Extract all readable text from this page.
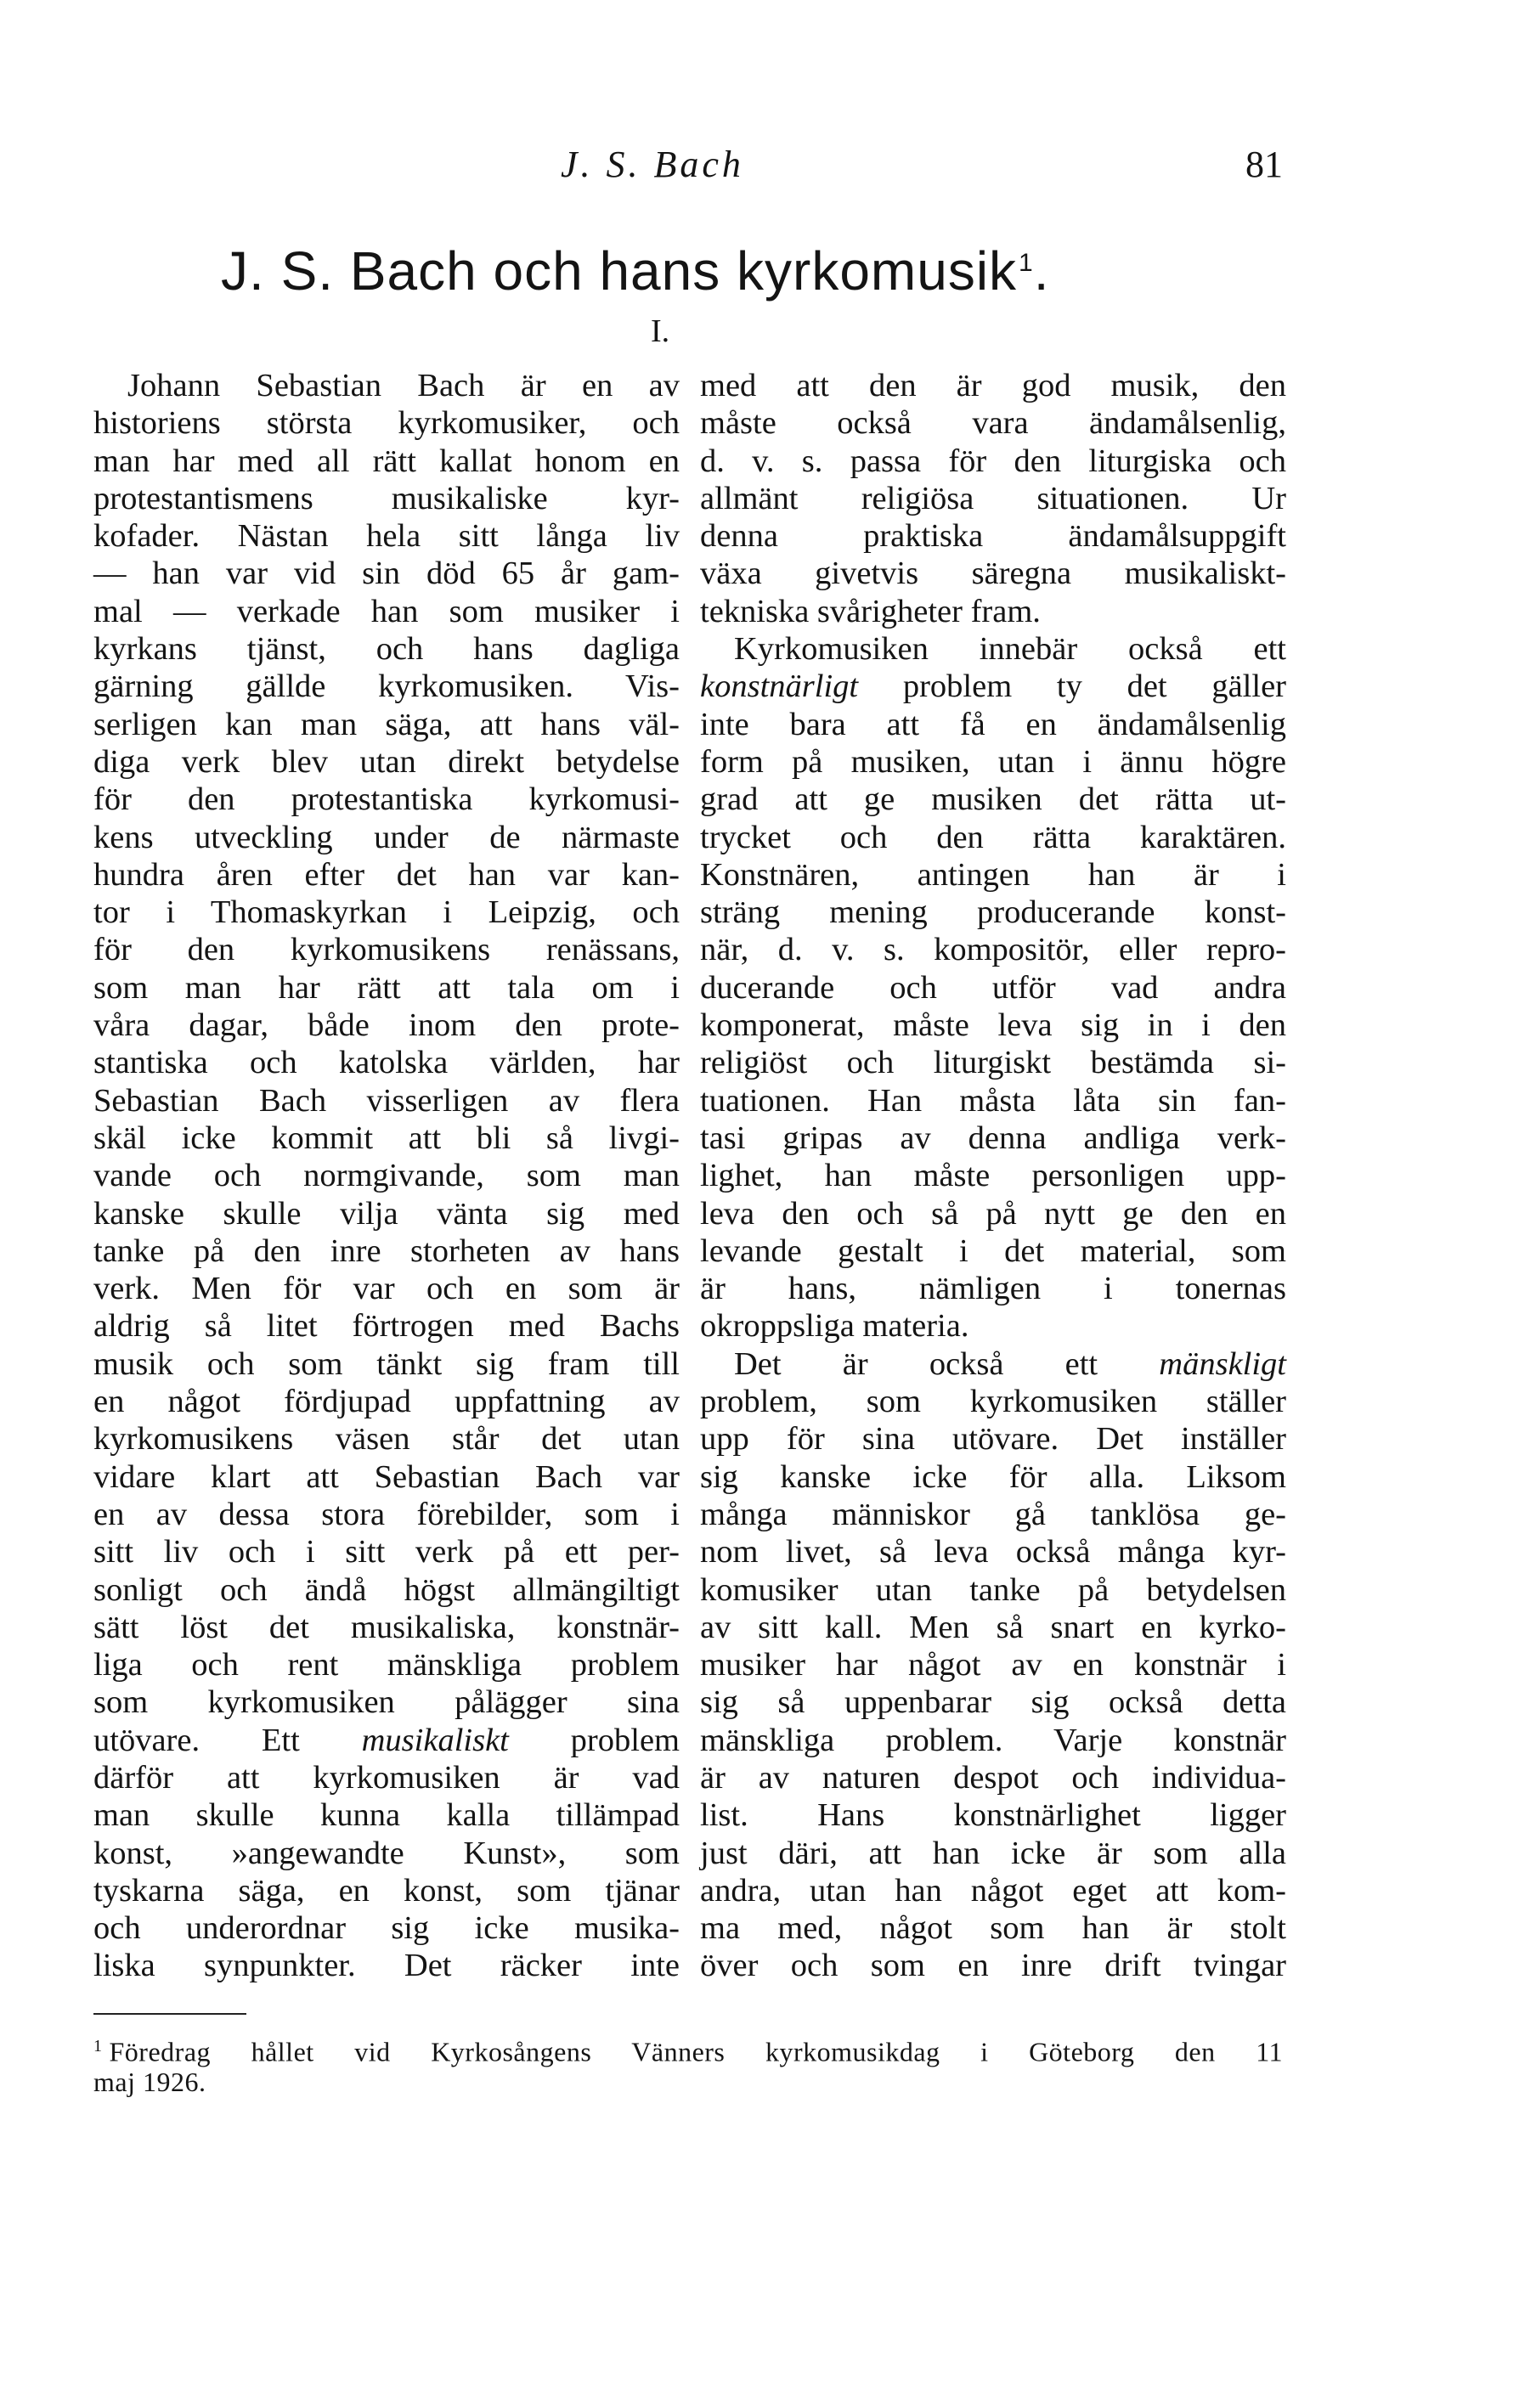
J. S. Bach	81
J. S. Bach och hans kyrkomusik$^1$.
I.
Johann Sebastian Bach är en av
historiens största kyrkomusiker, och
man har med all rätt kallat honom en
protestantismens musikaliske kyr-
kofader. Nästan hela sitt långa liv
— han var vid sin död 65 år gam-
mal — verkade han som musiker i
kyrkans tjänst, och hans dagliga
gärning gällde kyrkomusiken. Vis-
serligen kan man säga, att hans väl-
diga verk blev utan direkt betydelse
för den protestantiska kyrkomusi-
kens utveckling under de närmaste
hundra åren efter det han var kan-
tor i Thomaskyrkan i Leipzig, och
för den kyrkomusikens renässans,
som man har rätt att tala om i
våra dagar, både inom den prote-
stantiska och katolska världen, har
Sebastian Bach visserligen av flera
skäl icke kommit att bli så livgi-
vande och normgivande, som man
kanske skulle vilja vänta sig med
tanke på den inre storheten av hans
verk. Men för var och en som är
aldrig så litet förtrogen med Bachs
musik och som tänkt sig fram till
en något fördjupad uppfattning av
kyrkomusikens väsen står det utan
vidare klart att Sebastian Bach var
en av dessa stora förebilder, som i
sitt liv och i sitt verk på ett per-
sonligt och ändå högst allmängiltigt
sätt löst det musikaliska, konstnär-
liga och rent mänskliga problem
som kyrkomusiken pålägger sina
utövare. Ett musikaliskt problem
därför att kyrkomusiken är vad
man skulle kunna kalla tillämpad
konst, »angewandte Kunst», som
tyskarna säga, en konst, som tjänar
och underordnar sig icke musika-
liska synpunkter. Det räcker inte
med att den är god musik, den
måste också vara ändamålsenlig,
d. v. s. passa för den liturgiska och
allmänt religiösa situationen. Ur
denna praktiska ändamålsuppgift
växa givetvis säregna musikaliskt-
tekniska svårigheter fram.
Kyrkomusiken innebär också ett
konstnärligt problem ty det gäller
inte bara att få en ändamålsenlig
form på musiken, utan i ännu högre
grad att ge musiken det rätta ut-
trycket och den rätta karaktären.
Konstnären, antingen han är i
sträng mening producerande konst-
när, d. v. s. kompositör, eller repro-
ducerande och utför vad andra
komponerat, måste leva sig in i den
religiöst och liturgiskt bestämda si-
tuationen. Han måsta låta sin fan-
tasi gripas av denna andliga verk-
lighet, han måste personligen upp-
leva den och så på nytt ge den en
levande gestalt i det material, som
är hans, nämligen i tonernas
okroppsliga materia.
Det är också ett mänskligt
problem, som kyrkomusiken ställer
upp för sina utövare. Det inställer
sig kanske icke för alla. Liksom
många människor gå tanklösa ge-
nom livet, så leva också många kyr-
komusiker utan tanke på betydelsen
av sitt kall. Men så snart en kyrko-
musiker har något av en konstnär i
sig så uppenbarar sig också detta
mänskliga problem. Varje konstnär
är av naturen despot och individua-
list. Hans konstnärlighet ligger
just däri, att han icke är som alla
andra, utan han något eget att kom-
ma med, något som han är stolt
över och som en inre drift tvingar
$^1$ Föredrag hållet vid Kyrkosångens Vänners kyrkomusikdag i Göteborg den 11
maj 1926.
